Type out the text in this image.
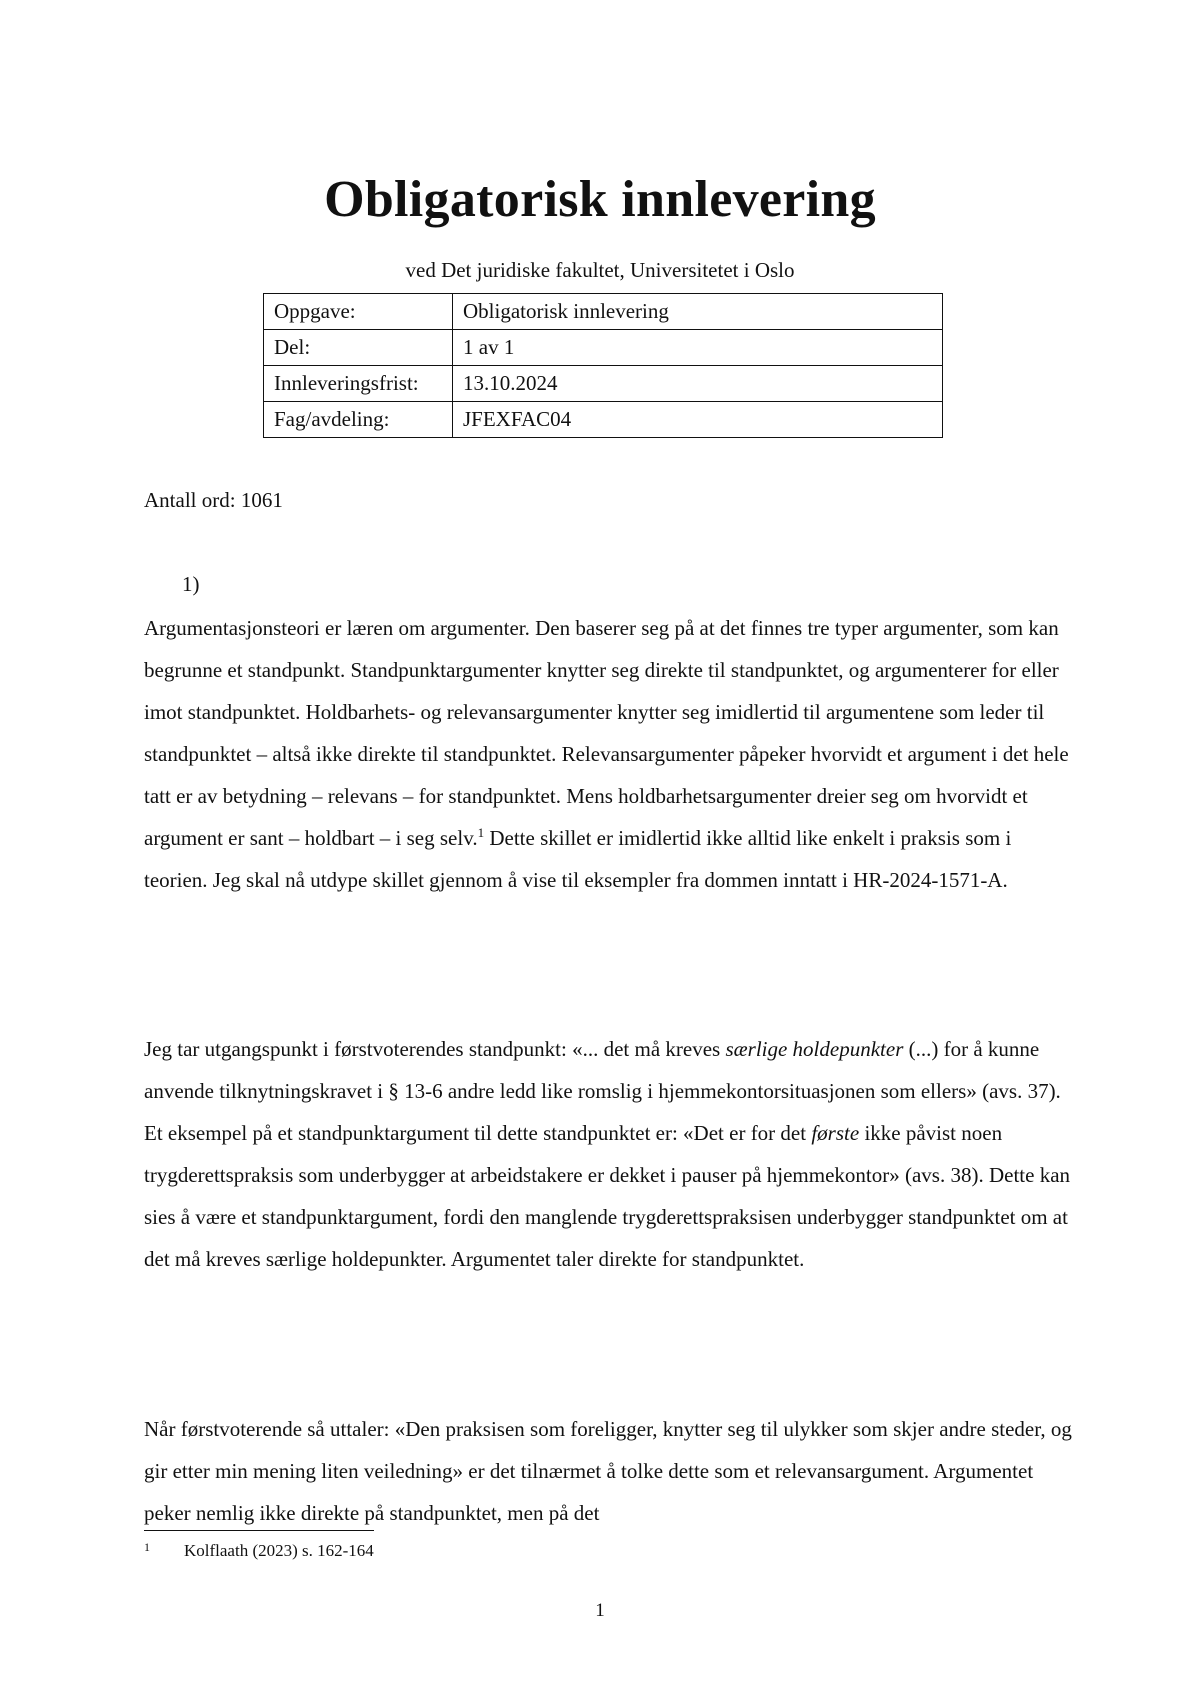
Obligatorisk innlevering
ved Det juridiske fakultet, Universitetet i Oslo
Oppgave:	Obligatorisk innlevering
Del:	1 av 1
Innleveringsfrist:	13.10.2024
Fag/avdeling:	JFEXFAC04
Antall ord: 1061
1)
Argumentasjonsteori er læren om argumenter. Den baserer seg på at det finnes tre typer argumenter, som kan begrunne et standpunkt. Standpunktargumenter knytter seg direkte til standpunktet, og argumenterer for eller imot standpunktet. Holdbarhets- og relevansargumenter knytter seg imidlertid til argumentene som leder til standpunktet – altså ikke direkte til standpunktet. Relevansargumenter påpeker hvorvidt et argument i det hele tatt er av betydning – relevans – for standpunktet. Mens holdbarhetsargumenter dreier seg om hvorvidt et argument er sant – holdbart – i seg selv.$^1$ Dette skillet er imidlertid ikke alltid like enkelt i praksis som i teorien. Jeg skal nå utdype skillet gjennom å vise til eksempler fra dommen inntatt i HR-2024-1571-A.
Jeg tar utgangspunkt i førstvoterendes standpunkt: «... det må kreves særlige holdepunkter (...) for å kunne anvende tilknytningskravet i § 13-6 andre ledd like romslig i hjemmekontorsituasjonen som ellers» (avs. 37). Et eksempel på et standpunktargument til dette standpunktet er: «Det er for det første ikke påvist noen trygderettspraksis som underbygger at arbeidstakere er dekket i pauser på hjemmekontor» (avs. 38). Dette kan sies å være et standpunktargument, fordi den manglende trygderettspraksisen underbygger standpunktet om at det må kreves særlige holdepunkter. Argumentet taler direkte for standpunktet.
Når førstvoterende så uttaler: «Den praksisen som foreligger, knytter seg til ulykker som skjer andre steder, og gir etter min mening liten veiledning» er det tilnærmet å tolke dette som et relevansargument. Argumentet peker nemlig ikke direkte på standpunktet, men på det
1 Kolflaath (2023) s. 162-164
1
